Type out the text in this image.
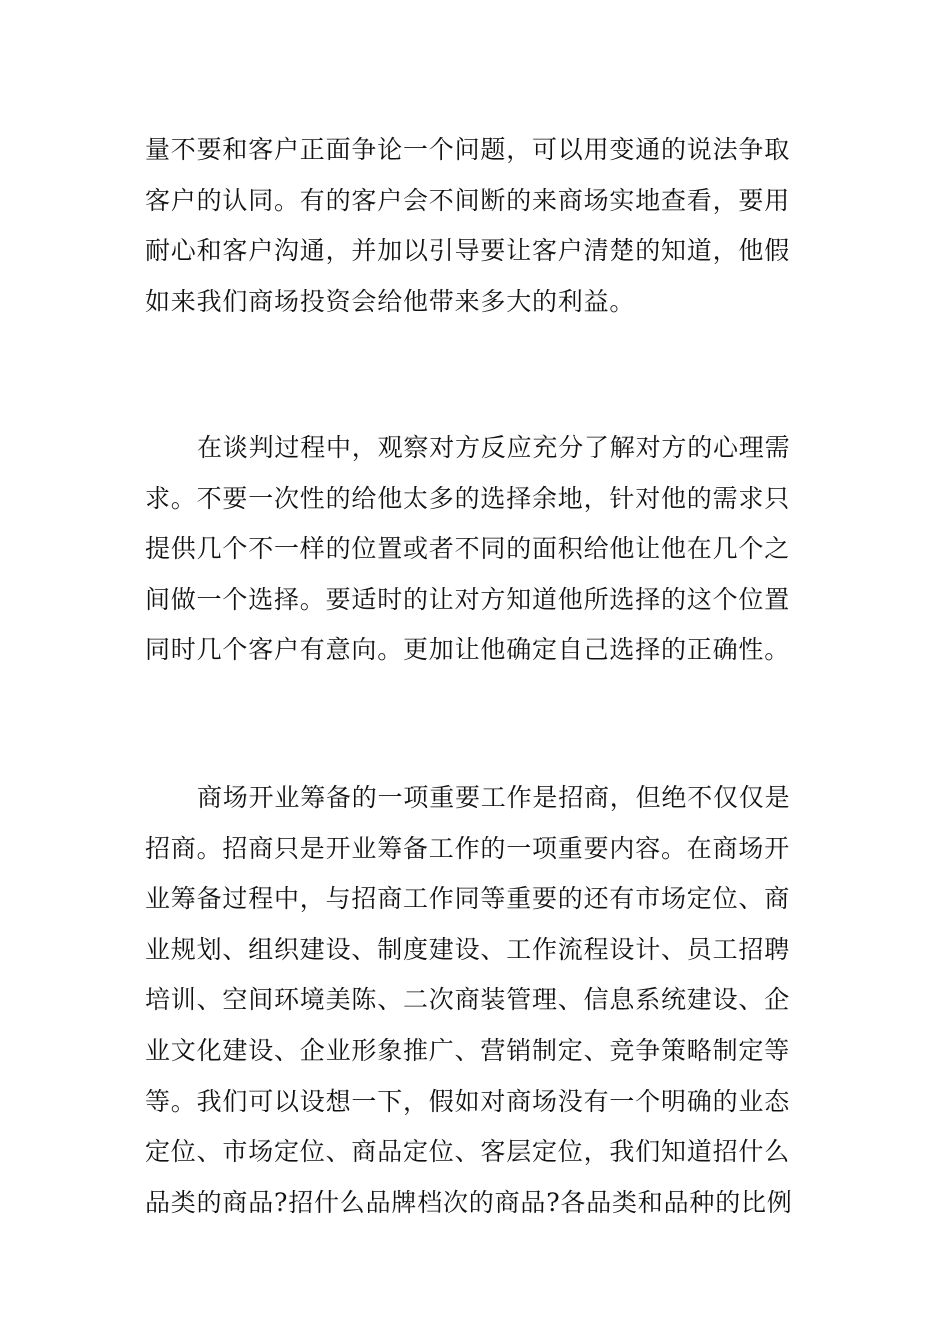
量不要和客户正面争论一个问题，可以用变通的说法争取
客户的认同。有的客户会不间断的来商场实地查看，要用
耐心和客户沟通，并加以引导要让客户清楚的知道，他假
如来我们商场投资会给他带来多大的利益。
在谈判过程中，观察对方反应充分了解对方的心理需
求。不要一次性的给他太多的选择余地，针对他的需求只
提供几个不一样的位置或者不同的面积给他让他在几个之
间做一个选择。要适时的让对方知道他所选择的这个位置
同时几个客户有意向。更加让他确定自己选择的正确性。
商场开业筹备的一项重要工作是招商，但绝不仅仅是
招商。招商只是开业筹备工作的一项重要内容。在商场开
业筹备过程中，与招商工作同等重要的还有市场定位、商
业规划、组织建设、制度建设、工作流程设计、员工招聘
培训、空间环境美陈、二次商装管理、信息系统建设、企
业文化建设、企业形象推广、营销制定、竞争策略制定等
等。我们可以设想一下，假如对商场没有一个明确的业态
定位、市场定位、商品定位、客层定位，我们知道招什么
品类的商品?招什么品牌档次的商品?各品类和品种的比例
